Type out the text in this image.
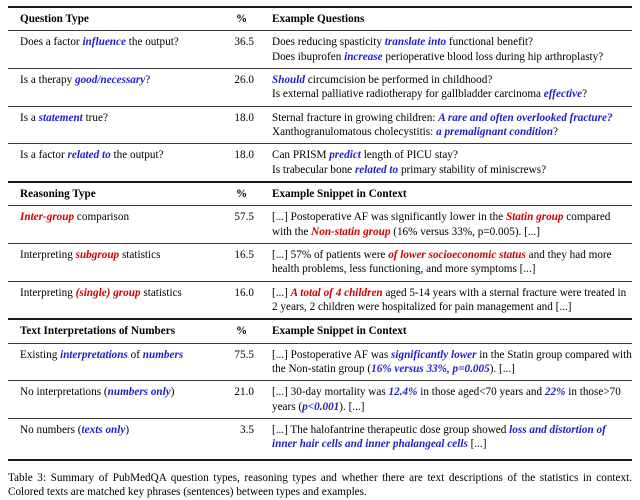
Question Type	%	Example Questions
Does a factor influence the output?	36.5	Does reducing spasticity translate into functional benefit?
Does ibuprofen increase perioperative blood loss during hip arthroplasty?

Is a therapy good/necessary?	26.0	Should circumcision be performed in childhood?
Is external palliative radiotherapy for gallbladder carcinoma effective?

Is a statement true?	18.0	Sternal fracture in growing children: A rare and often overlooked fracture?
Xanthogranulomatous cholecystitis: a premalignant condition?

Is a factor related to the output?	18.0	Can PRISM predict length of PICU stay?
Is trabecular bone related to primary stability of miniscrews?

Reasoning Type	%	Example Snippet in Context
Inter-group comparison	57.5	[...] Postoperative AF was significantly lower in the Statin group compared with the Non-statin group (16% versus 33%, p=0.005). [...]

Interpreting subgroup statistics	16.5	[...] 57% of patients were of lower socioeconomic status and they had more health problems, less functioning, and more symptoms [...]

Interpreting (single) group statistics	16.0	[...] A total of 4 children aged 5-14 years with a sternal fracture were treated in 2 years, 2 children were hospitalized for pain management and [...]

Text Interpretations of Numbers	%	Example Snippet in Context
Existing interpretations of numbers	75.5	[...] Postoperative AF was significantly lower in the Statin group compared with the Non-statin group (16% versus 33%, p=0.005). [...]

No interpretations (numbers only)	21.0	[...] 30-day mortality was 12.4% in those aged<70 years and 22% in those>70 years (p<0.001). [...]

No numbers (texts only)	3.5	[...] The halofantrine therapeutic dose group showed loss and distortion of inner hair cells and inner phalangeal cells [...]
Table 3: Summary of PubMedQA question types, reasoning types and whether there are text descriptions of the statistics in context. Colored texts are matched key phrases (sentences) between types and examples.
